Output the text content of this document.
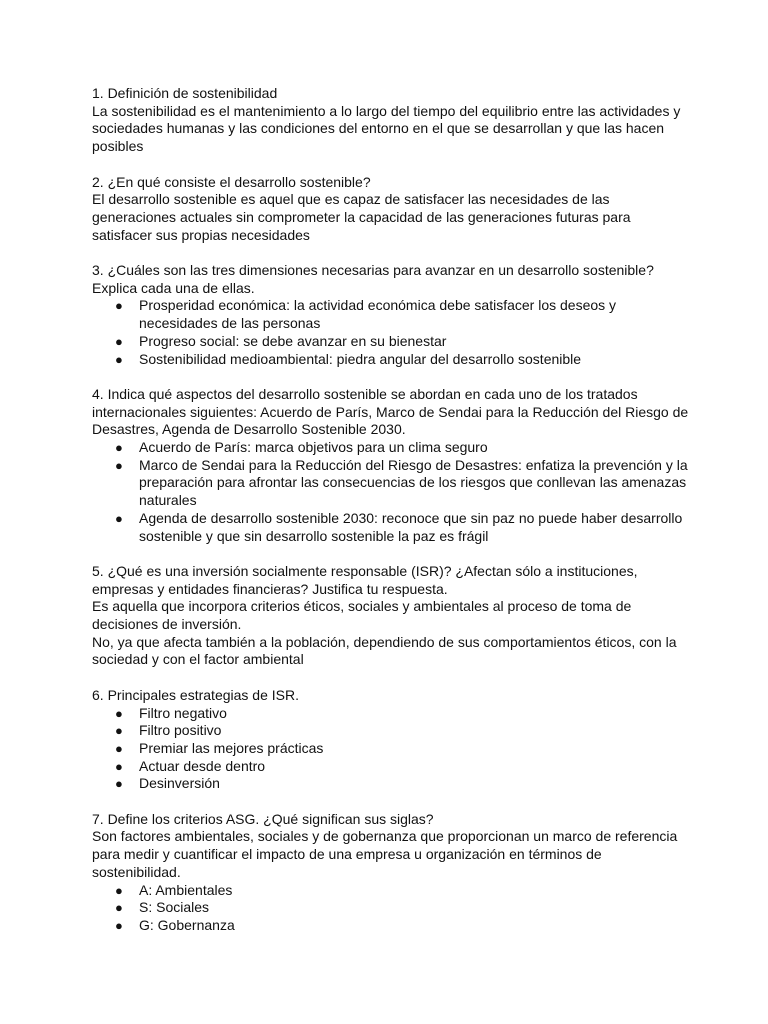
1. Definición de sostenibilidad

La sostenibilidad es el mantenimiento a lo largo del tiempo del equilibrio entre las actividades y sociedades humanas y las condiciones del entorno en el que se desarrollan y que las hacen posibles

2. ¿En qué consiste el desarrollo sostenible?

El desarrollo sostenible es aquel que es capaz de satisfacer las necesidades de las generaciones actuales sin comprometer la capacidad de las generaciones futuras para satisfacer sus propias necesidades

3. ¿Cuáles son las tres dimensiones necesarias para avanzar en un desarrollo sostenible? Explica cada una de ellas.

● Prosperidad económica: la actividad económica debe satisfacer los deseos y necesidades de las personas
● Progreso social: se debe avanzar en su bienestar
● Sostenibilidad medioambiental: piedra angular del desarrollo sostenible

4. Indica qué aspectos del desarrollo sostenible se abordan en cada uno de los tratados internacionales siguientes: Acuerdo de París, Marco de Sendai para la Reducción del Riesgo de Desastres, Agenda de Desarrollo Sostenible 2030.

● Acuerdo de París: marca objetivos para un clima seguro
● Marco de Sendai para la Reducción del Riesgo de Desastres: enfatiza la prevención y la preparación para afrontar las consecuencias de los riesgos que conllevan las amenazas naturales
● Agenda de desarrollo sostenible 2030: reconoce que sin paz no puede haber desarrollo sostenible y que sin desarrollo sostenible la paz es frágil

5. ¿Qué es una inversión socialmente responsable (ISR)? ¿Afectan sólo a instituciones, empresas y entidades financieras? Justifica tu respuesta.

Es aquella que incorpora criterios éticos, sociales y ambientales al proceso de toma de decisiones de inversión.

No, ya que afecta también a la población, dependiendo de sus comportamientos éticos, con la sociedad y con el factor ambiental

6. Principales estrategias de ISR.

● Filtro negativo
● Filtro positivo
● Premiar las mejores prácticas
● Actuar desde dentro
● Desinversión

7. Define los criterios ASG. ¿Qué significan sus siglas?

Son factores ambientales, sociales y de gobernanza que proporcionan un marco de referencia para medir y cuantificar el impacto de una empresa u organización en términos de sostenibilidad.

● A: Ambientales
● S: Sociales
● G: Gobernanza
